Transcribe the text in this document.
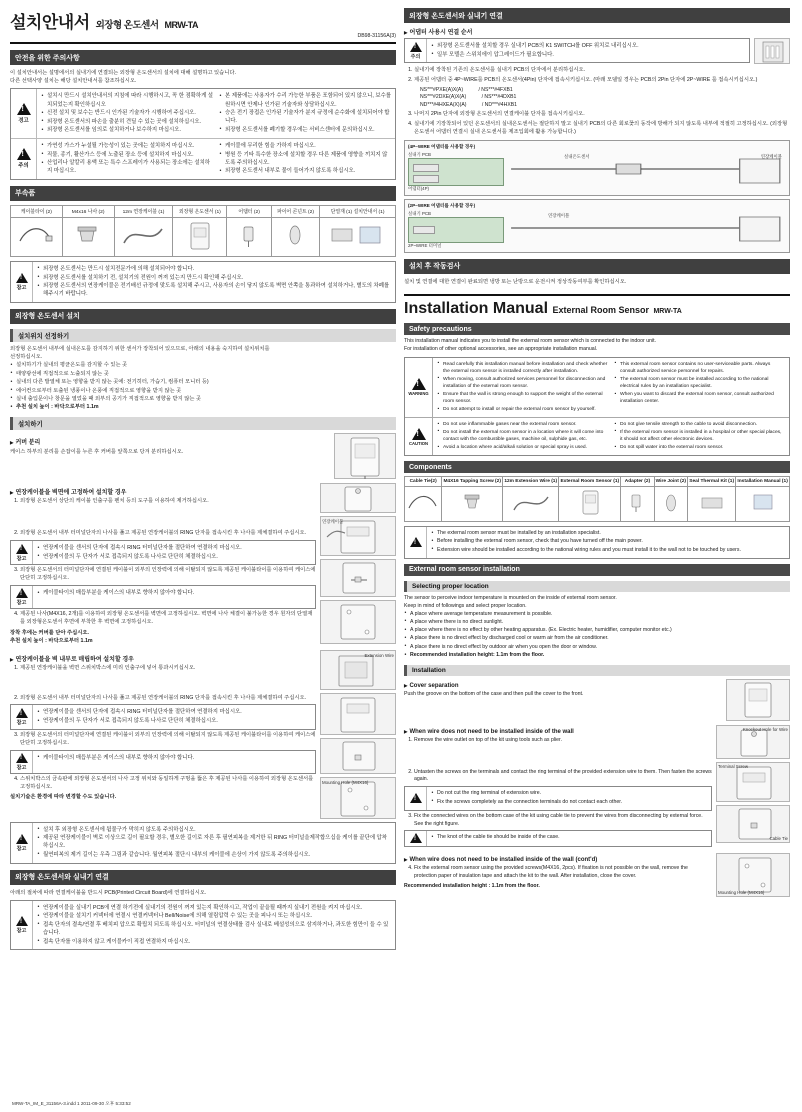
설치안내서 외장형 온도센서 MRW-TA
DB98-31156A(3)
안전을 위한 주의사항

이 설치안내서는 설명에서의 실내기에 연결되는 외장형 온도센서의 설치에 대해 설명하고 있습니다.

다른 선택사양 설치는 해당 설치안내서를 참조하십시오.

!
경고
• 설치시 만드시 설치안내서의 지침에 따라 시행하시고, 꼭 한 점확하게 설치되었는지 확인하십시오
• 신전 설치 및 보수는 반드시 인가된 기술자가 시행하여 주십시오.
• 외장형 온도센서의 파손을 출분히 견딜 수 있는 곳에 설치하십시오.
• 외장형 온도센서를 임의로 설치하거나 보수하지 마십시오.
• 본 제품에는 사용자가 수리 가능한 부품은 포함되어 있지 않으니, 보수를 원하시면 안제나 인가된 기술자와 상담하십시오.
• 승은 전기 장접은 인가된 기술자가 분지 규정에 순수화에 설치되어야 합니다.
• 외장형 온도센서를 폐기할 경우에는 서비스센터에 문의하십시오.
!
주의
• 가연성 가스가 누설될 가능성이 있는 곳에는 설치하지 마십시오.
• 직물, 종기, 활산가스 등에 노출된 장소 등에 설치하지 마십시오.
• 산업리나 알칼리 용액 또는 특수 스프레이가 사용되는 장소에는 설치하지 마십시오.
• 케이블에 무리한 힘을 가하지 마십시오.
• 병원 등 기타 특수한 장소에 설치할 경우 다른 제품에 영향을 끼치지 않도록 주의하십시오.
• 외장형 온도센서 내부로 물이 들어가지 않도록 하십시오.
부속품
케이블타이 (2)	M4x16 나사 (2)	12m 연장케이블 (1)	외장형 온도센서 (1)	어댑터 (2)	파이어 콘넌트 (2)	단열재 (1) 설치안내서 (1)

!
참고
• 외장형 온도센서는 만드시 설치전문가에 의해 설치되어야 합니다.
• 외장형 온도센서를 설치하기 전, 설치기의 전원이 꺼져 있는지 만드시 확인해 주십시오.
• 외장형 온도센서의 연장케이블은 전기배선 규정에 맞도록 설치해 주시고, 사용자의 손이 닿지 않도록 벽면 안쪽을 통과하여 설치하거나, 별도의 차폐를 해주시기 바랍니다.
외장형 온도센서 설치
설치위치 선정하기

외장형 온도센서 내부에 실내온도를 감지하기 위한 센서가 장착되어 있으므로, 아래의 내용을 숙지하여 설치위치를

선정하십시오.

• 설치하기가 실내의 평균온도를 감지할 수 있는 곳
• 태양광선에 직접적으로 노출되지 않는 곳
• 실내의 다른 발열체 또는 영향을 받지 않는 곳에: 전기히터, 가습기, 컴퓨터 모니터 등)
• 에어컨으로부터 토출된 냉풍이나 온풍에 직접적으로 영향을 받지 않는 곳
• 실내 출입문이나 창문을 열었을 때 외부의 공기가 직접적으로 영향을 받지 않는 곳
• 추천 설치 높이 : 바닥으로부터 1.1m
설치하기
▶ 커버 분리

케이스 하부의 분리를 손잡이를 누른 후 커버를 앞쪽으로 당겨 분리하십시오.

▶ 연장케이블을 벽면에 고정하여 설치할 경우
1. 외장형 온도센서 상단의 케이블 인출구를 펜치 등의 도구를 이용하여 제거하십시오.
2. 외장형 온도센서 내부 터미널단자의 나사를 풀고 제공된 연장케이블의 RING 단자를 접속시킨 후 나사를 제체결하여 주십시오.
!
참고
• 연장케이블을 센서의 단자에 접속시 RING 터미널단자를 절단하여 연결하지 마십시오.
• 연장케이블의 두 단자가 서로 접촉되지 않도록 나사로 단단히 체결하십시오.
3. 외장형 온도센서의 터미널단자에 연결된 케이블이 외부의 인장력에 의해 이탈되지 않도록 제공된 케이블타이를 이용하여 케이스에 단단히 고정하십시오.
!
참고
• 케이블타이의 매듭부분을 케이스의 내부로 향하지 않아야 합니다.
4. 제공된 나사(M4X16, 2개)를 이용하여 외장형 온도센서를 벽면에 고정하십시오. 벽면에 나사 체결이 불가능한 경우 원자의 단열재를 외장형온도센서 후면에 부착한 후 벽면에 고정하십시오.

장착 후에는 커버를 닫아 주십시오.

추천 설치 높이 : 바닥으로부터 1.1m

연장케이블
▶ 연장케이블을 벽 내부로 매립하여 설치할 경우
1. 제공된 연장케이블을 벽면 스위치박스에 미리 인출구에 넣어 통과시키십시오.
2. 외장형 온도센서 내부 터미널단자의 나사를 풀고 제공된 연장케이블의 RING 단자를 접속시킨 후 나사를 제체결하여 주십시오.
!
참고
• 연장케이블을 센서의 단자에 접속시 RING 터미널단자를 절단하여 연결하지 마십시오.
• 연장케이블의 두 단자가 서로 접촉되지 않도록 나사로 단단히 체결하십시오.
3. 외장형 온도센서의 터미널단자에 연결된 케이블이 외부의 인장력에 의해 이탈되지 않도록 제공된 케이블타이를 이용하여 케이스에 단단히 고정하십시오.
!
참고
• 케이블타이의 매듭부분은 케이스의 내부로 향하지 않아야 합니다.
4. 스위치박스의 금속판에 외장형 온도센서의 나사 고정 위치와 동일하게 구멍을 뚫은 후 제공된 나사를 이용하여 외장형 온도센서를 고정하십시오.

설치기술은 환경에 따라 변경할 수도 있습니다.

Extension Wire
Mounting Hole (M4X16)
!
참고
• 설치 후 외장형 온도센서에 튐물구가 막히지 않도록 주의하십시오.
• 제공된 연장케이블이 벽로 이상으로 길이 필요할 경우, 별오한 길이로 자른 후 필연피복을 제거한 뒤 RING 터미널을제작합으십을 케이를 끝단에 압착하십시오.
• 월연피복의 제거 길이는 우측 그림과 같습니다. 월연피복 절단시 내부의 케이블에 손상이 가지 않도록 주의하십시오.
외장형 온도센서와 실내기 연결

아래의 절차에 따라 연결케이블을 반드시 PCB(Printed Circuit Board)에 연결하십시오.

!
참고
• 연장케이블을 실내기 PCB에 연결 하기전에 실내기의 전원이 꺼져 있는지 확인하시고, 작업이 끝을될 때까지 실내기 전원을 켜지 마십시오.
• 연장케이블을 설치기 커넥터에 연결시 연결커넥터나 Bell/Noise에 의해 열림압력 수 있는 곳을 피나시 또는 하십시오.
• 접속 단자의 결속/연결 후 베치피 압으로 확립치 되도록 하십시오. 터미널의 연결상태를 검사 실내로 베설성의으로 삼지하거나, 과도한 힘만이 들 수 있습니다.
• 접속 단자를 이용하지 않고 케이블카이 직접 연결하지 마십시오.
외장형 온도센서와 실내기 연결
▶ 어댑터 사용시 연결 순서
!
주의
• 외장형 온도센서를 설치할 경우 실내기 PCB의 K1 SWITCH를 OFF 위치로 내리십시오.
• 일부 모델은 스위치에이 압그레이드가 필요합니다.
1. 실내기에 장착된 기존의 온도센서를 실내기 PCB의 단자에서 분리하십시오.
2. 제공된 어댑터 중 4P~WIRE를 PCB의 온도센서(4Pin) 단자에 접속시키십시오. (마래 모델일 경우는 PCB의 2Pin 단자에 2P~WIRE 를 접속시키십시오.)
NS***#PXE(A)X(A)	/ NS***#4FXB1
NS***#2DXE(A)X(A)	/ NS***#4DXB1
ND***#4HXEA(X)(A)	/ ND***#4HXB1
3. 나머지 2Pin 단자에 외장형 온도센서의 연결케이블 단자를 접속시키십시오.
4. 실내기에 기장착되어 있던 온도센서의 실내온도센서는 절단하지 말고 실내기 PCB의 다른 회로꽃의 동작에 방해가 되지 않도록 내부에 적절히 고정하십시오. (외장형 온도센서 어댑터 연결시 실내 온도센서를 제조입회에 활용 가능합니다.)
(4P~WIRE 어댑터를 사용할 경우)
실내기 PCB
어댑터(4P)
실내온도센서	연장케이블
(2P~WIRE 어댑터를 사용할 경우)
실내기 PCB
2P~WIRE 터미널
연장케이블
설치 후 작동검사

설치 및 연결에 대한 연결이 완료되면 냉방 또는 난방으로 운전시켜 정상작동여부를 확인하십시오.

Installation Manual External Room Sensor MRW-TA
Safety precautions

This installation manual indicates you to install the external room sensor which is connected to the indoor unit.

For installation of other optional accessories, see an appropriate installation manual.

!
WARNING
• Read carefully this installation manual before installation and check whether the external room sensor is installed correctly after installation.
• When moving, consult authorized services personnel for disconnection and installation of the external room sensor.
• Ensure that the wall is strong enough to support the weight of the external room sensor.
• Do not attempt to install or repair the external room sensor by yourself.
• This external room sensor contains no user-serviceable parts. Always consult authorized service personnel for repairs.
• The external room sensor must be installed according to the national electrical rules by an installation specialist.
• When you want to discard the external room sensor, consult authorized installation center.
!
CAUTION
• Do not use inflammable gases near the external room sensor.
• Do not install the external room sensor in a location where it will come into contact with the combustible gases, machine oil, sulphide gas, etc.
• Avoid a location where acid/alkali solution or special spray is used.
• Do not give tensile strength to the cable to avoid disconnection.
• If the external room sensor is installed in a hospital or other special places, it should not affect other electronic devices.
• Do not spill water into the external room sensor.
Components
Cable Tie(2)	M4X16 Tapping Screw (2)	12m Extension Wire (1)	External Room Sensor (1)	Adapter (2)	Wire Joint (2)	Seal Thermal Kit (1)	Installation Manual (1)

!
• The external room sensor must be installed by an installation specialist.
• Before installing the external room sensor, check that you have turned off the main power.
• Extension wire should be installed according to the national wiring rules and you must install it to the wall not to be touched by users.
External room sensor installation
Selecting proper location

The sensor to perceive indoor temperature is mounted on the inside of external room sensor.

Keep in mind of followings and select proper location.

• A place where average temperature measurement is possible.
• A place where there is no direct sunlight.
• A place where there is no effect by other heating apparatus. (Ex. Electric heater, humidifier, computer monitor etc.)
• A place there is no direct effect by discharged cool or warm air from the air conditioner.
• A place there is no direct effect by outdoor air when you open the door or window.
• Recommended installation height: 1.1m from the floor.
Installation
▶ Cover separation

Push the groove on the bottom of the case and then pull the cover to the front.

▶ When wire does not need to be installed inside of the wall
1. Remove the wire outlet on top of the kit using tools such as plier.
2. Untasten the screws on the terminals and contact the ring terminal of the provided extension wire to them. Then fasten the screws again.
!
• Do not cut the ring terminal of extension wire.
• Fix the screws completely as the connection terminals do not contact each other.
3. Fix the connected wires on the bottom case of the kit using cable tie to prevent the wires from disconnecting by external force. See the right figure.
!
• The knot of the cable tie should be inside of the case.
Knockout Hole for Wire
Terminal Screw
Cable Tie
▶ When wire does not need to be installed inside of the wall (cont'd)
4. Fix the external room sensor using the provided screws(M4X16, 2pcs). If fixation is not possible on the wall, remove the protection paper of insulation tape and attach the kit to the wall. After installation, close the cover.

Recommended installation height : 1.1m from the floor.

Mounting Hole (M4X16)
MRW-TA_IM_E_31156A-3.indd 1 2011-09-30 오후 5:33:52
